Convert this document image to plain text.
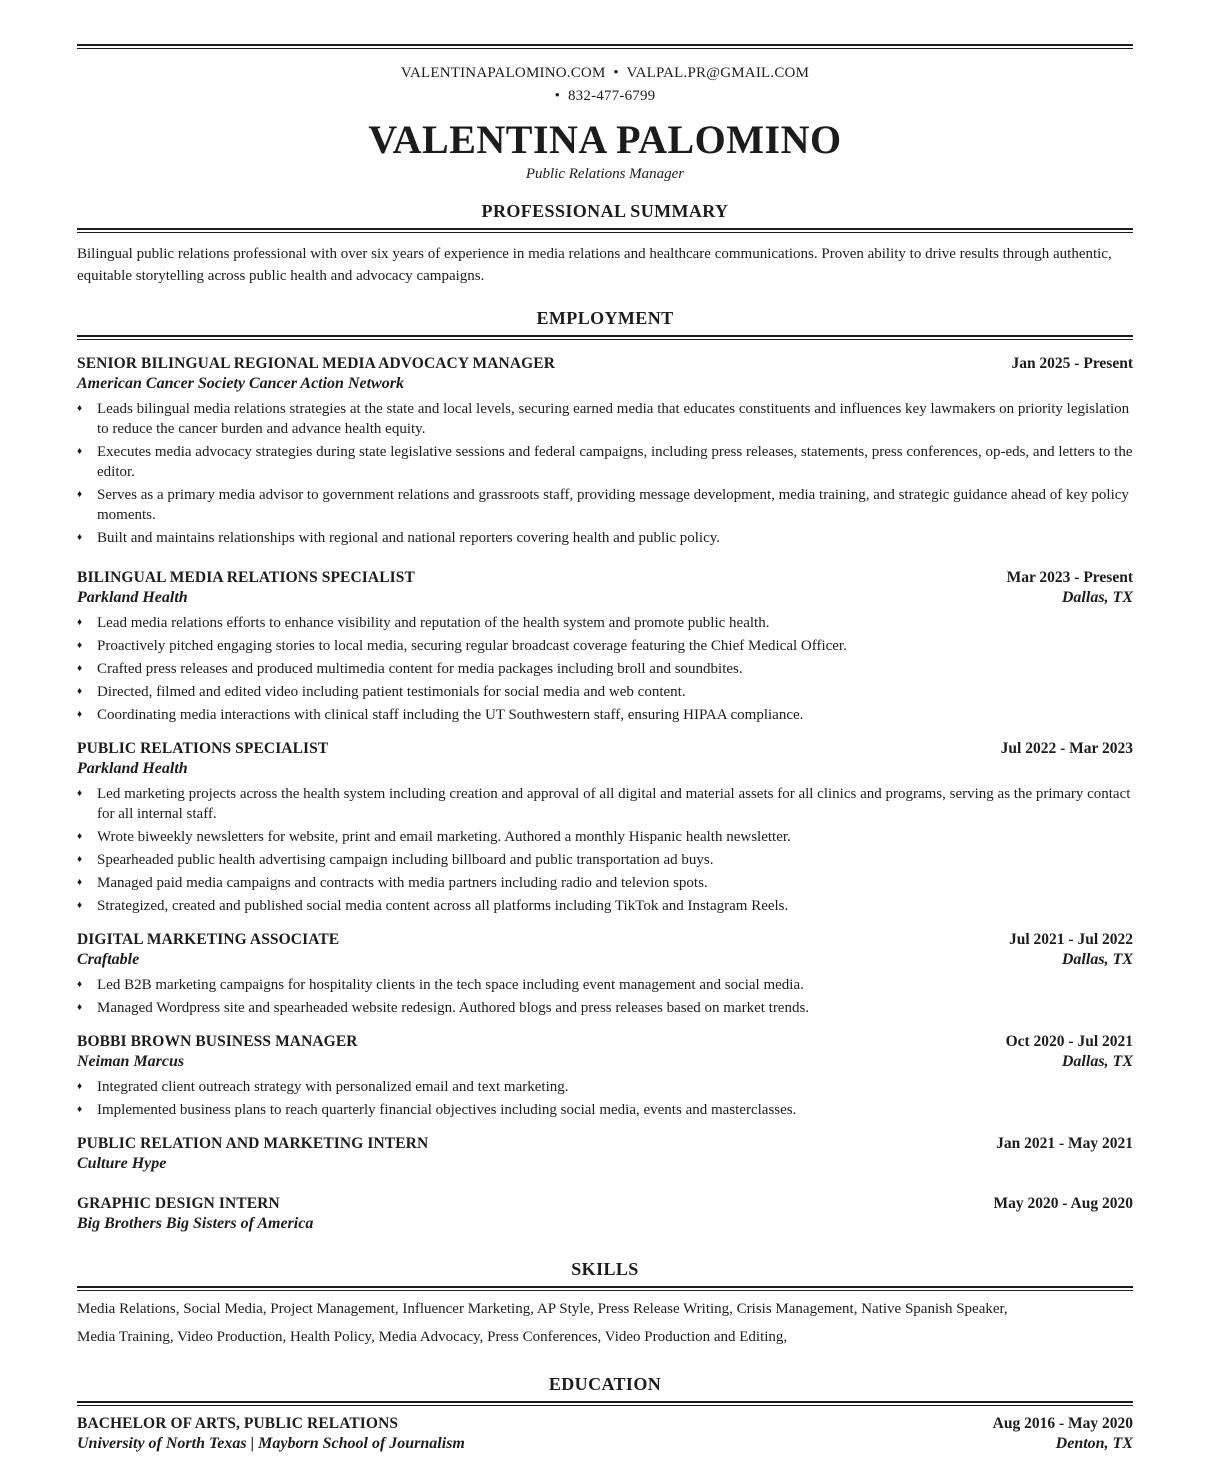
VALENTINAPALOMINO.COM  •  VALPAL.PR@GMAIL.COM
•  832-477-6799
VALENTINA PALOMINO
Public Relations Manager
PROFESSIONAL SUMMARY
Bilingual public relations professional with over six years of experience in media relations and healthcare communications. Proven ability to drive results through authentic, equitable storytelling across public health and advocacy campaigns.
EMPLOYMENT
SENIOR BILINGUAL REGIONAL MEDIA ADVOCACY MANAGER	Jan 2025 - Present
American Cancer Society Cancer Action Network
♦ Leads bilingual media relations strategies at the state and local levels, securing earned media that educates constituents and influences key lawmakers on priority legislation to reduce the cancer burden and advance health equity.
♦ Executes media advocacy strategies during state legislative sessions and federal campaigns, including press releases, statements, press conferences, op-eds, and letters to the editor.
♦ Serves as a primary media advisor to government relations and grassroots staff, providing message development, media training, and strategic guidance ahead of key policy moments.
♦ Built and maintains relationships with regional and national reporters covering health and public policy.
BILINGUAL MEDIA RELATIONS SPECIALIST	Mar 2023 - Present
Parkland Health	Dallas, TX
♦ Lead media relations efforts to enhance visibility and reputation of the health system and promote public health.
♦ Proactively pitched engaging stories to local media, securing regular broadcast coverage featuring the Chief Medical Officer.
♦ Crafted press releases and produced multimedia content for media packages including broll and soundbites.
♦ Directed, filmed and edited video including patient testimonials for social media and web content.
♦ Coordinating media interactions with clinical staff including the UT Southwestern staff, ensuring HIPAA compliance.
PUBLIC RELATIONS SPECIALIST	Jul 2022 - Mar 2023
Parkland Health
♦ Led marketing projects across the health system including creation and approval of all digital and material assets for all clinics and programs, serving as the primary contact for all internal staff.
♦ Wrote biweekly newsletters for website, print and email marketing. Authored a monthly Hispanic health newsletter.
♦ Spearheaded public health advertising campaign including billboard and public transportation ad buys.
♦ Managed paid media campaigns and contracts with media partners including radio and televion spots.
♦ Strategized, created and published social media content across all platforms including TikTok and Instagram Reels.
DIGITAL MARKETING ASSOCIATE	Jul 2021 - Jul 2022
Craftable	Dallas, TX
♦ Led B2B marketing campaigns for hospitality clients in the tech space including event management and social media.
♦ Managed Wordpress site and spearheaded website redesign. Authored blogs and press releases based on market trends.
BOBBI BROWN BUSINESS MANAGER	Oct 2020 - Jul 2021
Neiman Marcus	Dallas, TX
♦ Integrated client outreach strategy with personalized email and text marketing.
♦ Implemented business plans to reach quarterly financial objectives including social media, events and masterclasses.
PUBLIC RELATION AND MARKETING INTERN	Jan 2021 - May 2021
Culture Hype
GRAPHIC DESIGN INTERN	May 2020 - Aug 2020
Big Brothers Big Sisters of America
SKILLS
Media Relations, Social Media, Project Management, Influencer Marketing, AP Style, Press Release Writing, Crisis Management, Native Spanish Speaker,
Media Training, Video Production, Health Policy, Media Advocacy, Press Conferences, Video Production and Editing,
EDUCATION
BACHELOR OF ARTS, PUBLIC RELATIONS	Aug 2016 - May 2020
University of North Texas | Mayborn School of Journalism	Denton, TX
